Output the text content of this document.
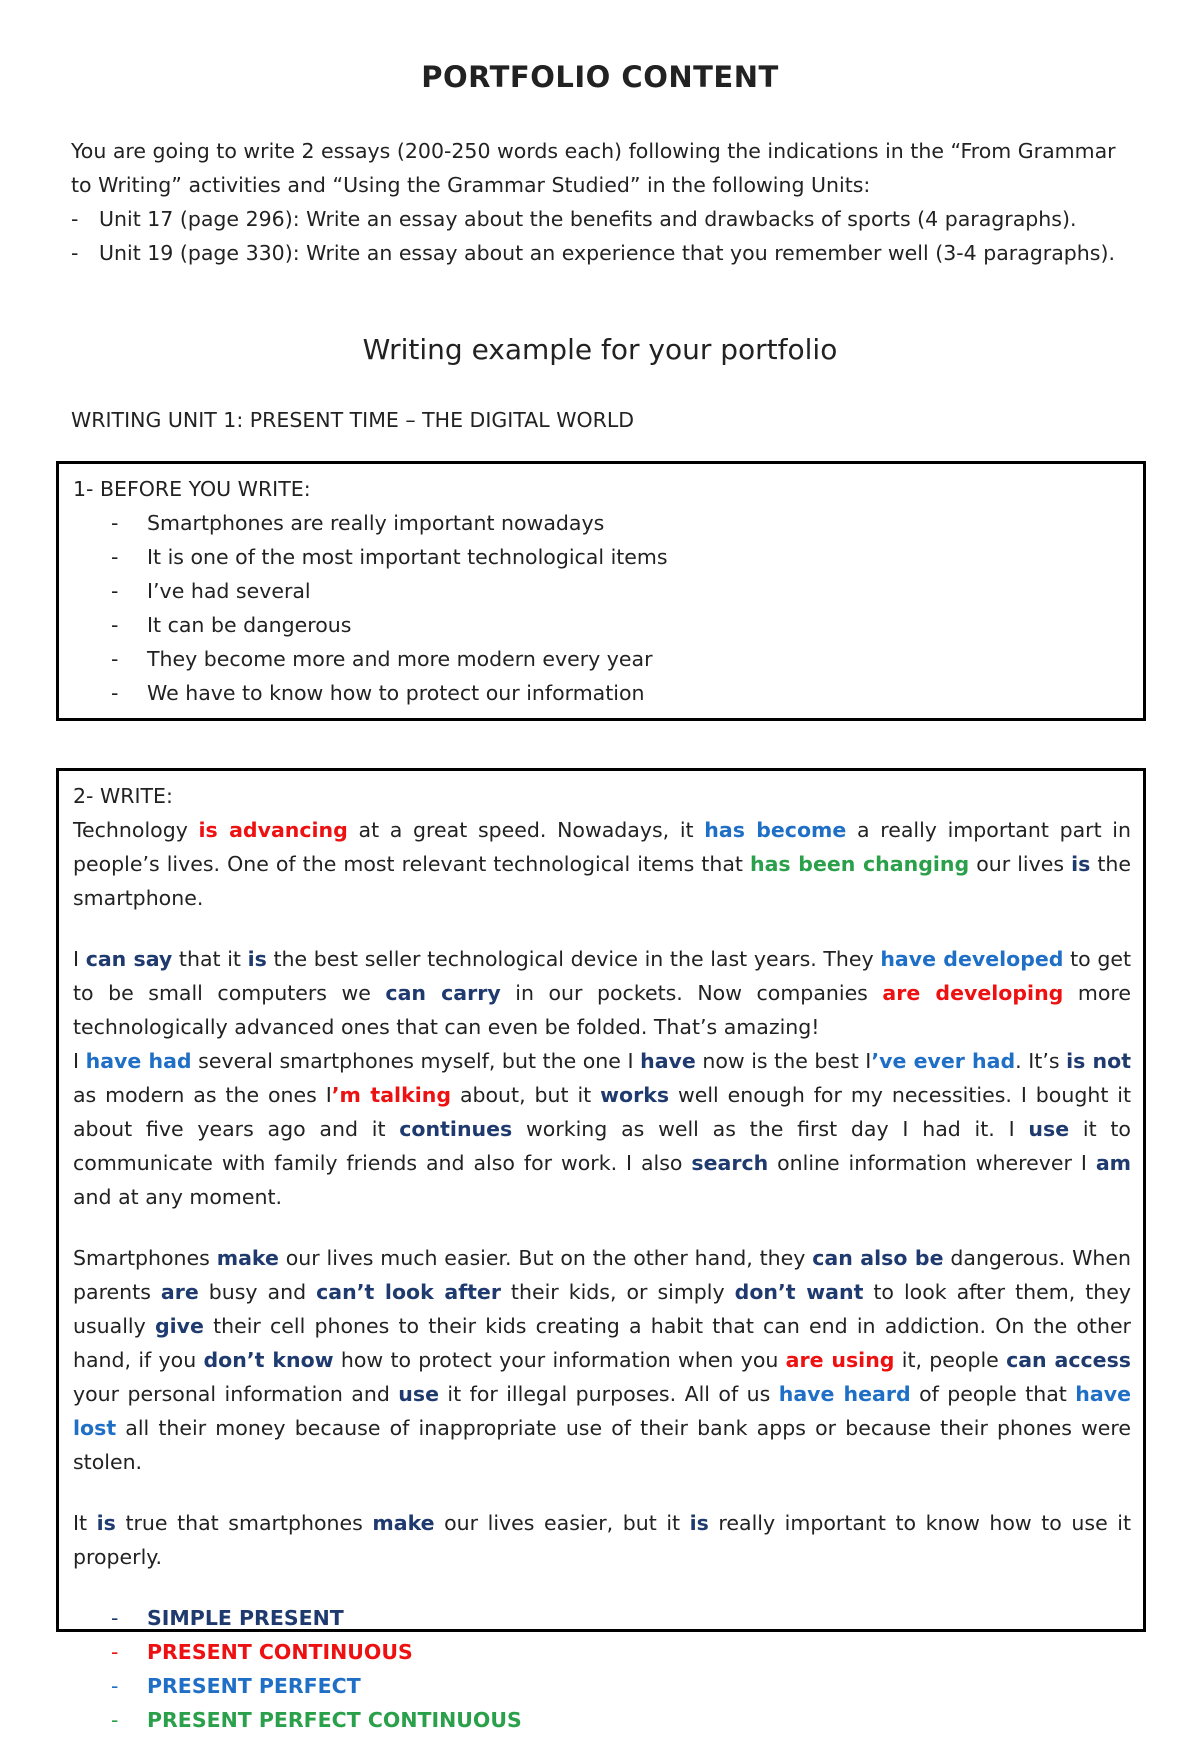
PORTFOLIO CONTENT

You are going to write 2 essays (200-250 words each) following the indications in the “From Grammar to Writing” activities and “Using the Grammar Studied” in the following Units:

- Unit 17 (page 296): Write an essay about the benefits and drawbacks of sports (4 paragraphs).
- Unit 19 (page 330): Write an essay about an experience that you remember well (3-4 paragraphs).
Writing example for your portfolio
WRITING UNIT 1: PRESENT TIME – THE DIGITAL WORLD

1- BEFORE YOU WRITE:

- Smartphones are really important nowadays
- It is one of the most important technological items
- I’ve had several
- It can be dangerous
- They become more and more modern every year
- We have to know how to protect our information

2- WRITE:

Technology is advancing at a great speed. Nowadays, it has become a really important part in people’s lives. One of the most relevant technological items that has been changing our lives is the smartphone.

I can say that it is the best seller technological device in the last years. They have developed to get to be small computers we can carry in our pockets. Now companies are developing more technologically advanced ones that can even be folded. That’s amazing!

I have had several smartphones myself, but the one I have now is the best I’ve ever had. It’s is not as modern as the ones I’m talking about, but it works well enough for my necessities. I bought it about five years ago and it continues working as well as the first day I had it. I use it to communicate with family friends and also for work. I also search online information wherever I am and at any moment.

Smartphones make our lives much easier. But on the other hand, they can also be dangerous. When parents are busy and can’t look after their kids, or simply don’t want to look after them, they usually give their cell phones to their kids creating a habit that can end in addiction. On the other hand, if you don’t know how to protect your information when you are using it, people can access your personal information and use it for illegal purposes. All of us have heard of people that have lost all their money because of inappropriate use of their bank apps or because their phones were stolen.

It is true that smartphones make our lives easier, but it is really important to know how to use it properly.

- SIMPLE PRESENT
- PRESENT CONTINUOUS
- PRESENT PERFECT
- PRESENT PERFECT CONTINUOUS
